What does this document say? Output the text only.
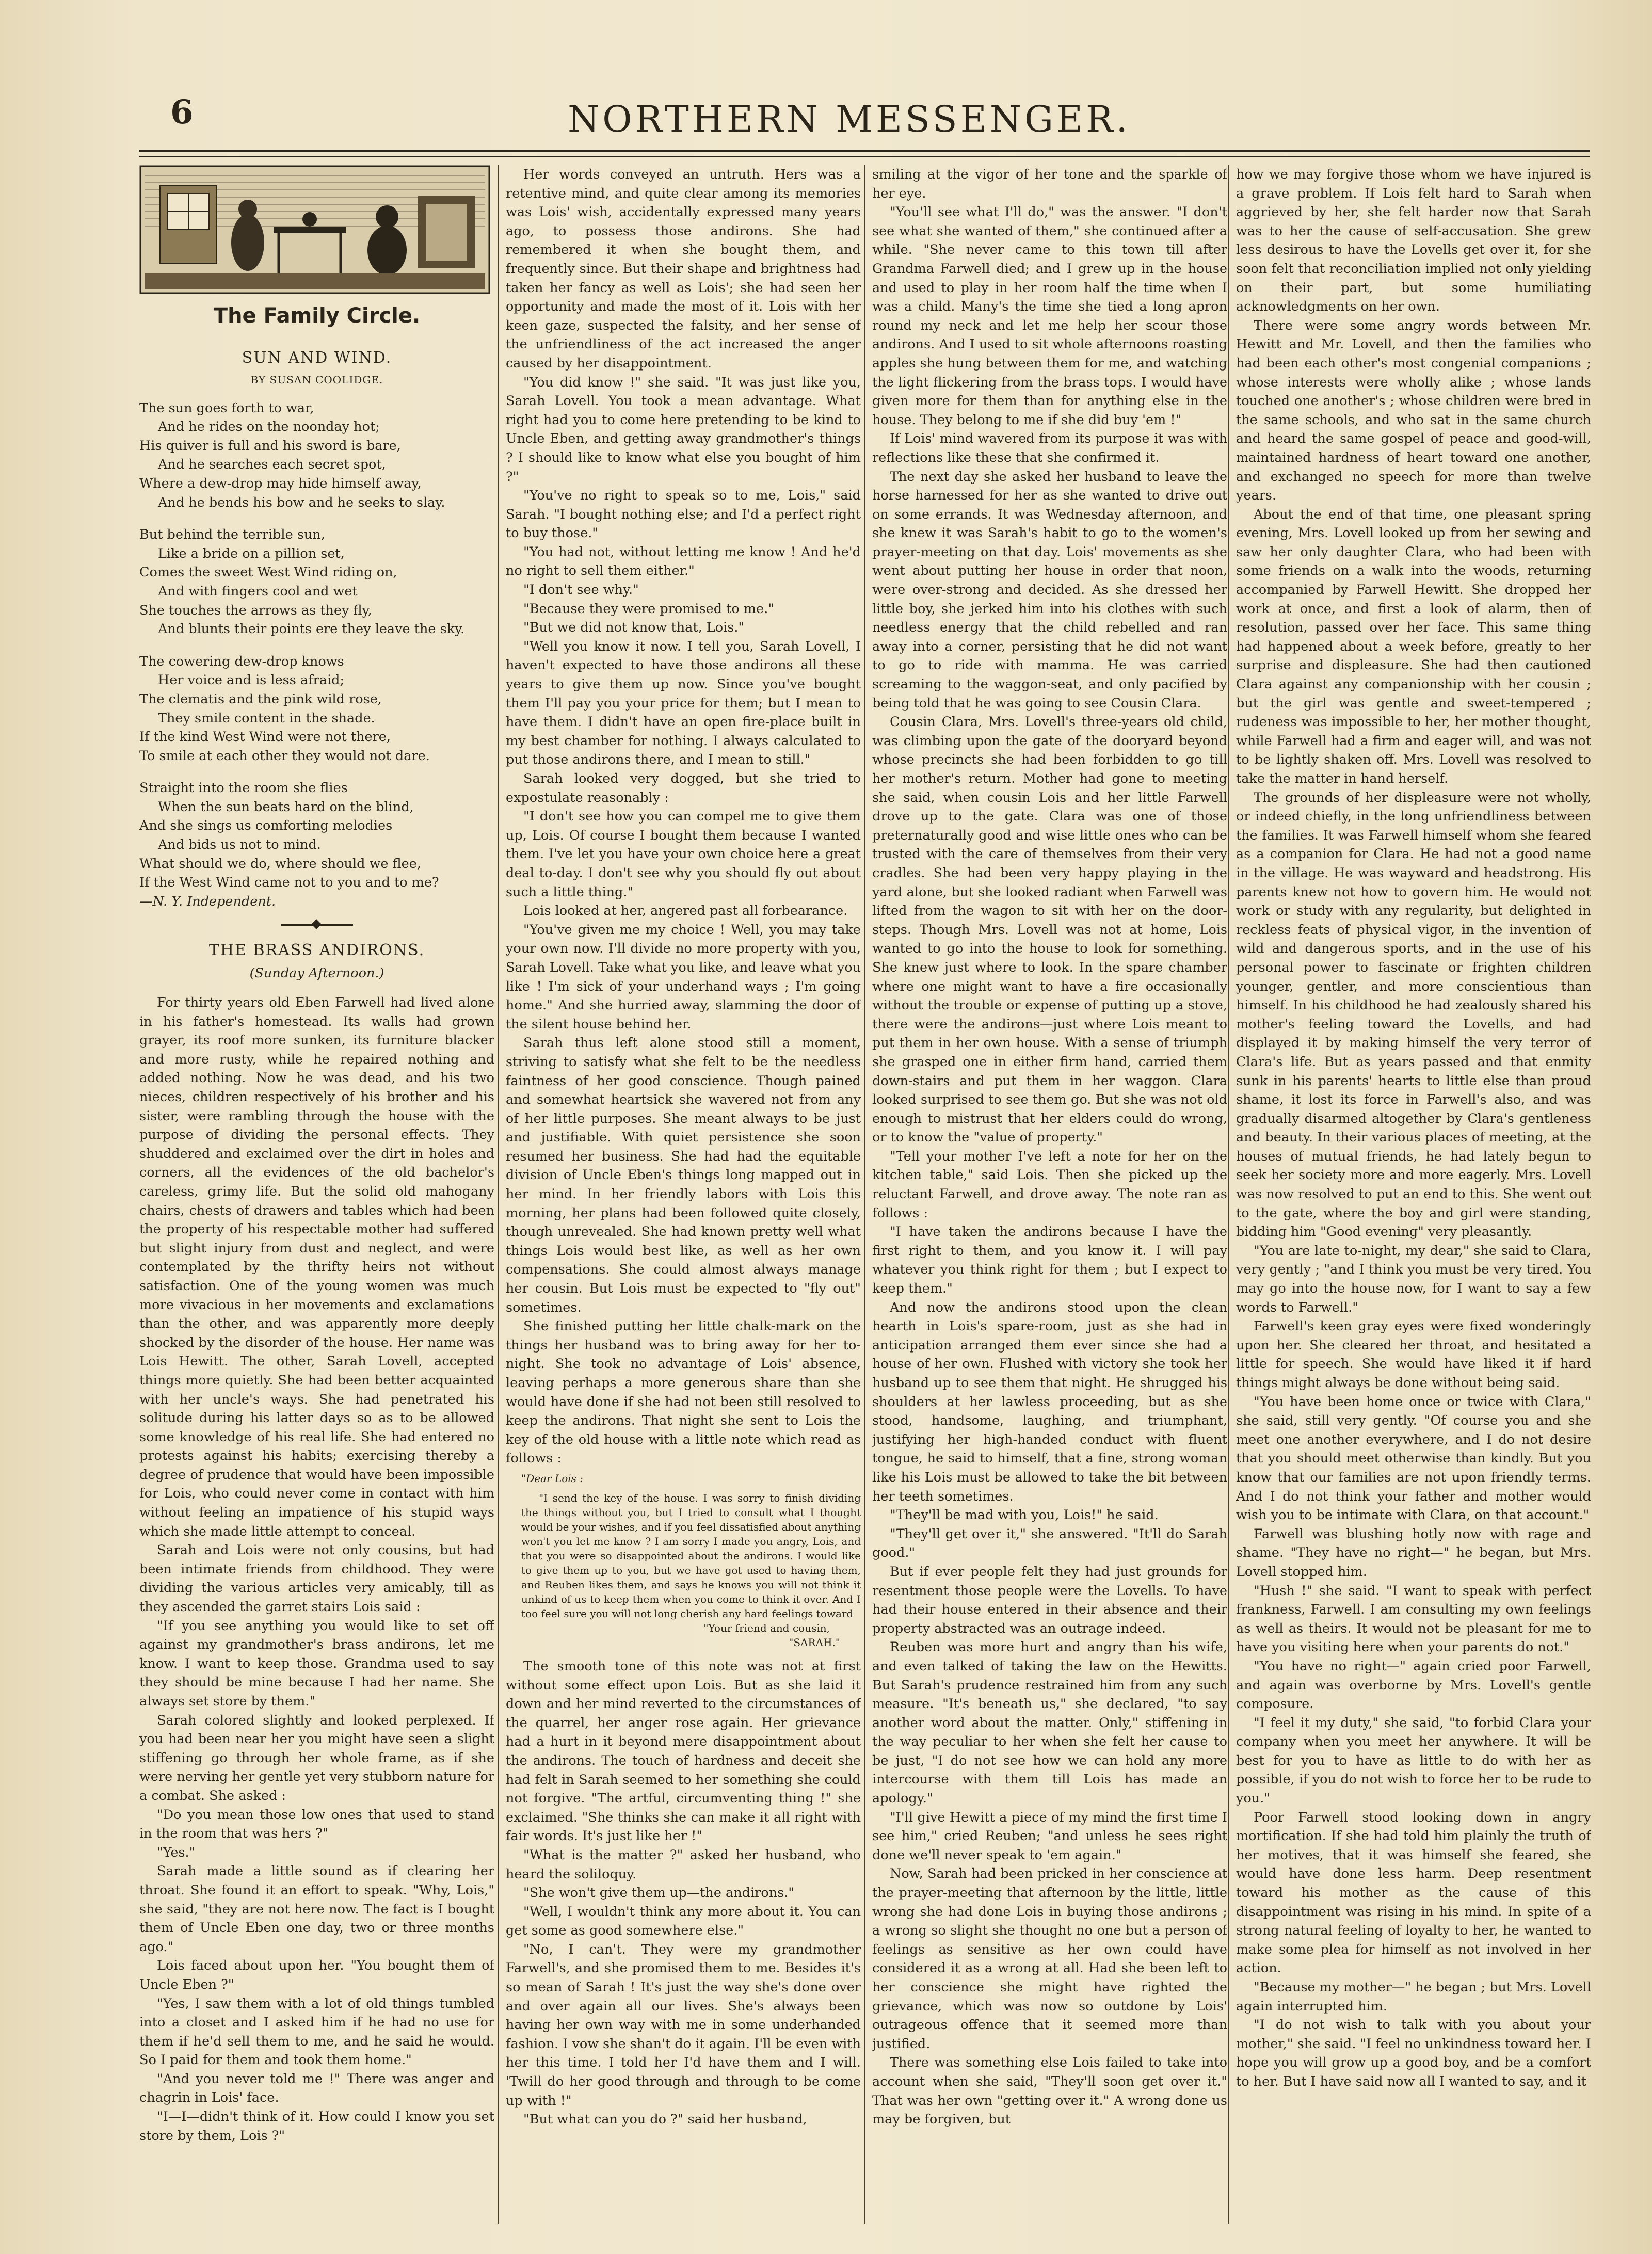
6	NORTHERN MESSENGER.
The Family Circle.
SUN AND WIND.
BY SUSAN COOLIDGE.
The sun goes forth to war,
And he rides on the noonday hot;
His quiver is full and his sword is bare,
And he searches each secret spot,
Where a dew-drop may hide himself away,
And he bends his bow and he seeks to slay.
But behind the terrible sun,
Like a bride on a pillion set,
Comes the sweet West Wind riding on,
And with fingers cool and wet
She touches the arrows as they fly,
And blunts their points ere they leave the sky.
The cowering dew-drop knows
Her voice and is less afraid;
The clematis and the pink wild rose,
They smile content in the shade.
If the kind West Wind were not there,
To smile at each other they would not dare.
Straight into the room she flies
When the sun beats hard on the blind,
And she sings us comforting melodies
And bids us not to mind.
What should we do, where should we flee,
If the West Wind came not to you and to me?
—N. Y. Independent.
THE BRASS ANDIRONS.
(Sunday Afternoon.)

For thirty years old Eben Farwell had lived alone in his father's homestead. Its walls had grown grayer, its roof more sunken, its furniture blacker and more rusty, while he repaired nothing and added nothing. Now he was dead, and his two nieces, children respectively of his brother and his sister, were rambling through the house with the purpose of dividing the personal effects. They shuddered and exclaimed over the dirt in holes and corners, all the evidences of the old bachelor's careless, grimy life. But the solid old mahogany chairs, chests of drawers and tables which had been the property of his respectable mother had suffered but slight injury from dust and neglect, and were contemplated by the thrifty heirs not without satisfaction. One of the young women was much more vivacious in her movements and exclamations than the other, and was apparently more deeply shocked by the disorder of the house. Her name was Lois Hewitt. The other, Sarah Lovell, accepted things more quietly. She had been better acquainted with her uncle's ways. She had penetrated his solitude during his latter days so as to be allowed some knowledge of his real life. She had entered no protests against his habits; exercising thereby a degree of prudence that would have been impossible for Lois, who could never come in contact with him without feeling an impatience of his stupid ways which she made little attempt to conceal.

Sarah and Lois were not only cousins, but had been intimate friends from childhood. They were dividing the various articles very amicably, till as they ascended the garret stairs Lois said :

"If you see anything you would like to set off against my grandmother's brass andirons, let me know. I want to keep those. Grandma used to say they should be mine because I had her name. She always set store by them."

Sarah colored slightly and looked perplexed. If you had been near her you might have seen a slight stiffening go through her whole frame, as if she were nerving her gentle yet very stubborn nature for a combat. She asked :

"Do you mean those low ones that used to stand in the room that was hers ?"

"Yes."

Sarah made a little sound as if clearing her throat. She found it an effort to speak. "Why, Lois," she said, "they are not here now. The fact is I bought them of Uncle Eben one day, two or three months ago."

Lois faced about upon her. "You bought them of Uncle Eben ?"

"Yes, I saw them with a lot of old things tumbled into a closet and I asked him if he had no use for them if he'd sell them to me, and he said he would. So I paid for them and took them home."

"And you never told me !" There was anger and chagrin in Lois' face.

"I—I—didn't think of it. How could I know you set store by them, Lois ?"

Her words conveyed an untruth. Hers was a retentive mind, and quite clear among its memories was Lois' wish, accidentally expressed many years ago, to possess those andirons. She had remembered it when she bought them, and frequently since. But their shape and brightness had taken her fancy as well as Lois'; she had seen her opportunity and made the most of it. Lois with her keen gaze, suspected the falsity, and her sense of the unfriendliness of the act increased the anger caused by her disappointment.

"You did know !" she said. "It was just like you, Sarah Lovell. You took a mean advantage. What right had you to come here pretending to be kind to Uncle Eben, and getting away grandmother's things ? I should like to know what else you bought of him ?"

"You've no right to speak so to me, Lois," said Sarah. "I bought nothing else; and I'd a perfect right to buy those."

"You had not, without letting me know ! And he'd no right to sell them either."

"I don't see why."

"Because they were promised to me."

"But we did not know that, Lois."

"Well you know it now. I tell you, Sarah Lovell, I haven't expected to have those andirons all these years to give them up now. Since you've bought them I'll pay you your price for them; but I mean to have them. I didn't have an open fire-place built in my best chamber for nothing. I always calculated to put those andirons there, and I mean to still."

Sarah looked very dogged, but she tried to expostulate reasonably :

"I don't see how you can compel me to give them up, Lois. Of course I bought them because I wanted them. I've let you have your own choice here a great deal to-day. I don't see why you should fly out about such a little thing."

Lois looked at her, angered past all forbearance.

"You've given me my choice ! Well, you may take your own now. I'll divide no more property with you, Sarah Lovell. Take what you like, and leave what you like ! I'm sick of your underhand ways ; I'm going home." And she hurried away, slamming the door of the silent house behind her.

Sarah thus left alone stood still a moment, striving to satisfy what she felt to be the needless faintness of her good conscience. Though pained and somewhat heartsick she wavered not from any of her little purposes. She meant always to be just and justifiable. With quiet persistence she soon resumed her business. She had had the equitable division of Uncle Eben's things long mapped out in her mind. In her friendly labors with Lois this morning, her plans had been followed quite closely, though unrevealed. She had known pretty well what things Lois would best like, as well as her own compensations. She could almost always manage her cousin. But Lois must be expected to "fly out" sometimes.

She finished putting her little chalk-mark on the things her husband was to bring away for her to-night. She took no advantage of Lois' absence, leaving perhaps a more generous share than she would have done if she had not been still resolved to keep the andirons. That night she sent to Lois the key of the old house with a little note which read as follows :

"Dear Lois :

"I send the key of the house. I was sorry to finish dividing the things without you, but I tried to consult what I thought would be your wishes, and if you feel dissatisfied about anything won't you let me know ? I am sorry I made you angry, Lois, and that you were so disappointed about the andirons. I would like to give them up to you, but we have got used to having them, and Reuben likes them, and says he knows you will not think it unkind of us to keep them when you come to think it over. And I too feel sure you will not long cherish any hard feelings toward

"Your friend and cousin,
"SARAH."

The smooth tone of this note was not at first without some effect upon Lois. But as she laid it down and her mind reverted to the circumstances of the quarrel, her anger rose again. Her grievance had a hurt in it beyond mere disappointment about the andirons. The touch of hardness and deceit she had felt in Sarah seemed to her something she could not forgive. "The artful, circumventing thing !" she exclaimed. "She thinks she can make it all right with fair words. It's just like her !"

"What is the matter ?" asked her husband, who heard the soliloquy.

"She won't give them up—the andirons."

"Well, I wouldn't think any more about it. You can get some as good somewhere else."

"No, I can't. They were my grandmother Farwell's, and she promised them to me. Besides it's so mean of Sarah ! It's just the way she's done over and over again all our lives. She's always been having her own way with me in some underhanded fashion. I vow she shan't do it again. I'll be even with her this time. I told her I'd have them and I will. 'Twill do her good through and through to be come up with !"

"But what can you do ?" said her husband,

smiling at the vigor of her tone and the sparkle of her eye.

"You'll see what I'll do," was the answer. "I don't see what she wanted of them," she continued after a while. "She never came to this town till after Grandma Farwell died; and I grew up in the house and used to play in her room half the time when I was a child. Many's the time she tied a long apron round my neck and let me help her scour those andirons. And I used to sit whole afternoons roasting apples she hung between them for me, and watching the light flickering from the brass tops. I would have given more for them than for anything else in the house. They belong to me if she did buy 'em !"

If Lois' mind wavered from its purpose it was with reflections like these that she confirmed it.

The next day she asked her husband to leave the horse harnessed for her as she wanted to drive out on some errands. It was Wednesday afternoon, and she knew it was Sarah's habit to go to the women's prayer-meeting on that day. Lois' movements as she went about putting her house in order that noon, were over-strong and decided. As she dressed her little boy, she jerked him into his clothes with such needless energy that the child rebelled and ran away into a corner, persisting that he did not want to go to ride with mamma. He was carried screaming to the waggon-seat, and only pacified by being told that he was going to see Cousin Clara.

Cousin Clara, Mrs. Lovell's three-years old child, was climbing upon the gate of the dooryard beyond whose precincts she had been forbidden to go till her mother's return. Mother had gone to meeting she said, when cousin Lois and her little Farwell drove up to the gate. Clara was one of those preternaturally good and wise little ones who can be trusted with the care of themselves from their very cradles. She had been very happy playing in the yard alone, but she looked radiant when Farwell was lifted from the wagon to sit with her on the door-steps. Though Mrs. Lovell was not at home, Lois wanted to go into the house to look for something. She knew just where to look. In the spare chamber where one might want to have a fire occasionally without the trouble or expense of putting up a stove, there were the andirons—just where Lois meant to put them in her own house. With a sense of triumph she grasped one in either firm hand, carried them down-stairs and put them in her waggon. Clara looked surprised to see them go. But she was not old enough to mistrust that her elders could do wrong, or to know the "value of property."

"Tell your mother I've left a note for her on the kitchen table," said Lois. Then she picked up the reluctant Farwell, and drove away. The note ran as follows :

"I have taken the andirons because I have the first right to them, and you know it. I will pay whatever you think right for them ; but I expect to keep them."

And now the andirons stood upon the clean hearth in Lois's spare-room, just as she had in anticipation arranged them ever since she had a house of her own. Flushed with victory she took her husband up to see them that night. He shrugged his shoulders at her lawless proceeding, but as she stood, handsome, laughing, and triumphant, justifying her high-handed conduct with fluent tongue, he said to himself, that a fine, strong woman like his Lois must be allowed to take the bit between her teeth sometimes.

"They'll be mad with you, Lois!" he said.

"They'll get over it," she answered. "It'll do Sarah good."

But if ever people felt they had just grounds for resentment those people were the Lovells. To have had their house entered in their absence and their property abstracted was an outrage indeed.

Reuben was more hurt and angry than his wife, and even talked of taking the law on the Hewitts. But Sarah's prudence restrained him from any such measure. "It's beneath us," she declared, "to say another word about the matter. Only," stiffening in the way peculiar to her when she felt her cause to be just, "I do not see how we can hold any more intercourse with them till Lois has made an apology."

"I'll give Hewitt a piece of my mind the first time I see him," cried Reuben; "and unless he sees right done we'll never speak to 'em again."

Now, Sarah had been pricked in her conscience at the prayer-meeting that afternoon by the little, little wrong she had done Lois in buying those andirons ; a wrong so slight she thought no one but a person of feelings as sensitive as her own could have considered it as a wrong at all. Had she been left to her conscience she might have righted the grievance, which was now so outdone by Lois' outrageous offence that it seemed more than justified.

There was something else Lois failed to take into account when she said, "They'll soon get over it." That was her own "getting over it." A wrong done us may be forgiven, but

how we may forgive those whom we have injured is a grave problem. If Lois felt hard to Sarah when aggrieved by her, she felt harder now that Sarah was to her the cause of self-accusation. She grew less desirous to have the Lovells get over it, for she soon felt that reconciliation implied not only yielding on their part, but some humiliating acknowledgments on her own.

There were some angry words between Mr. Hewitt and Mr. Lovell, and then the families who had been each other's most congenial companions ; whose interests were wholly alike ; whose lands touched one another's ; whose children were bred in the same schools, and who sat in the same church and heard the same gospel of peace and good-will, maintained hardness of heart toward one another, and exchanged no speech for more than twelve years.

About the end of that time, one pleasant spring evening, Mrs. Lovell looked up from her sewing and saw her only daughter Clara, who had been with some friends on a walk into the woods, returning accompanied by Farwell Hewitt. She dropped her work at once, and first a look of alarm, then of resolution, passed over her face. This same thing had happened about a week before, greatly to her surprise and displeasure. She had then cautioned Clara against any companionship with her cousin ; but the girl was gentle and sweet-tempered ; rudeness was impossible to her, her mother thought, while Farwell had a firm and eager will, and was not to be lightly shaken off. Mrs. Lovell was resolved to take the matter in hand herself.

The grounds of her displeasure were not wholly, or indeed chiefly, in the long unfriendliness between the families. It was Farwell himself whom she feared as a companion for Clara. He had not a good name in the village. He was wayward and headstrong. His parents knew not how to govern him. He would not work or study with any regularity, but delighted in reckless feats of physical vigor, in the invention of wild and dangerous sports, and in the use of his personal power to fascinate or frighten children younger, gentler, and more conscientious than himself. In his childhood he had zealously shared his mother's feeling toward the Lovells, and had displayed it by making himself the very terror of Clara's life. But as years passed and that enmity sunk in his parents' hearts to little else than proud shame, it lost its force in Farwell's also, and was gradually disarmed altogether by Clara's gentleness and beauty. In their various places of meeting, at the houses of mutual friends, he had lately begun to seek her society more and more eagerly. Mrs. Lovell was now resolved to put an end to this. She went out to the gate, where the boy and girl were standing, bidding him "Good evening" very pleasantly.

"You are late to-night, my dear," she said to Clara, very gently ; "and I think you must be very tired. You may go into the house now, for I want to say a few words to Farwell."

Farwell's keen gray eyes were fixed wonderingly upon her. She cleared her throat, and hesitated a little for speech. She would have liked it if hard things might always be done without being said.

"You have been home once or twice with Clara," she said, still very gently. "Of course you and she meet one another everywhere, and I do not desire that you should meet otherwise than kindly. But you know that our families are not upon friendly terms. And I do not think your father and mother would wish you to be intimate with Clara, on that account."

Farwell was blushing hotly now with rage and shame. "They have no right—" he began, but Mrs. Lovell stopped him.

"Hush !" she said. "I want to speak with perfect frankness, Farwell. I am consulting my own feelings as well as theirs. It would not be pleasant for me to have you visiting here when your parents do not."

"You have no right—" again cried poor Farwell, and again was overborne by Mrs. Lovell's gentle composure.

"I feel it my duty," she said, "to forbid Clara your company when you meet her anywhere. It will be best for you to have as little to do with her as possible, if you do not wish to force her to be rude to you."

Poor Farwell stood looking down in angry mortification. If she had told him plainly the truth of her motives, that it was himself she feared, she would have done less harm. Deep resentment toward his mother as the cause of this disappointment was rising in his mind. In spite of a strong natural feeling of loyalty to her, he wanted to make some plea for himself as not involved in her action.

"Because my mother—" he began ; but Mrs. Lovell again interrupted him.

"I do not wish to talk with you about your mother," she said. "I feel no unkindness toward her. I hope you will grow up a good boy, and be a comfort to her. But I have said now all I wanted to say, and it
